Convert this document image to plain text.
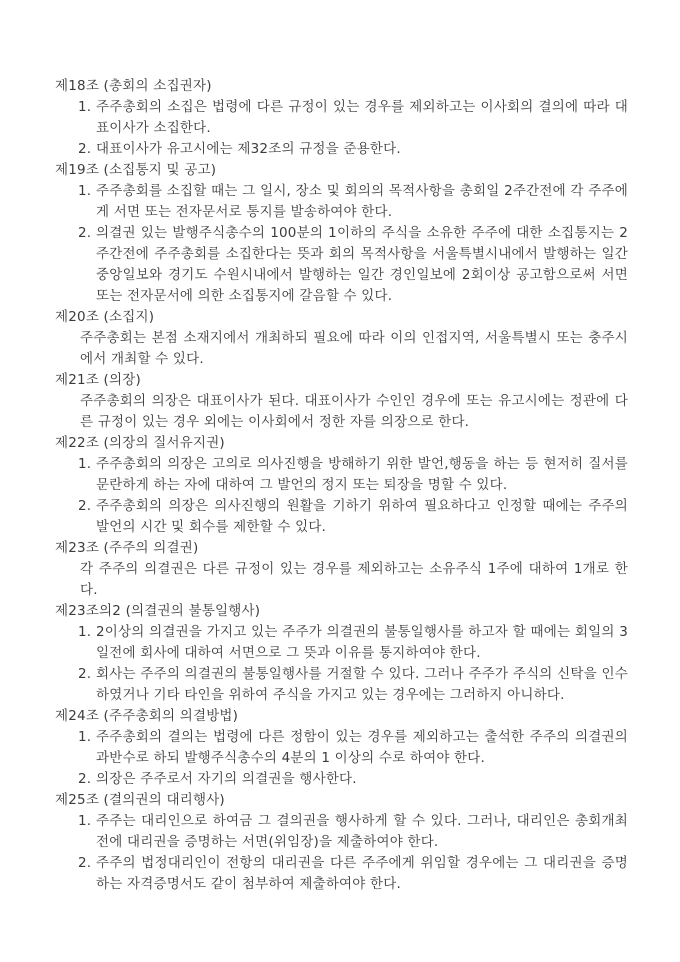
제18조 (총회의 소집권자)
1. 주주총회의 소집은 법령에 다른 규정이 있는 경우를 제외하고는 이사회의 결의에 따라 대표이사가 소집한다.
2. 대표이사가 유고시에는 제32조의 규정을 준용한다.
제19조 (소집통지 및 공고)
1. 주주총회를 소집할 때는 그 일시, 장소 및 회의의 목적사항을 총회일 2주간전에 각 주주에게 서면 또는 전자문서로 통지를 발송하여야 한다.
2. 의결권 있는 발행주식총수의 100분의 1이하의 주식을 소유한 주주에 대한 소집통지는 2주간전에 주주총회를 소집한다는 뜻과 회의 목적사항을 서울특별시내에서 발행하는 일간 중앙일보와 경기도 수원시내에서 발행하는 일간 경인일보에 2회이상 공고함으로써 서면 또는 전자문서에 의한 소집통지에 갈음할 수 있다.
제20조 (소집지)
주주총회는 본점 소재지에서 개최하되 필요에 따라 이의 인접지역, 서울특별시 또는 충주시에서 개최할 수 있다.
제21조 (의장)
주주총회의 의장은 대표이사가 된다. 대표이사가 수인인 경우에 또는 유고시에는 정관에 다른 규정이 있는 경우 외에는 이사회에서 정한 자를 의장으로 한다.
제22조 (의장의 질서유지권)
1. 주주총회의 의장은 고의로 의사진행을 방해하기 위한 발언,행동을 하는 등 현저히 질서를 문란하게 하는 자에 대하여 그 발언의 정지 또는 퇴장을 명할 수 있다.
2. 주주총회의 의장은 의사진행의 원활을 기하기 위하여 필요하다고 인정할 때에는 주주의 발언의 시간 및 회수를 제한할 수 있다.
제23조 (주주의 의결권)
각 주주의 의결권은 다른 규정이 있는 경우를 제외하고는 소유주식 1주에 대하여 1개로 한다.
제23조의2 (의결권의 불통일행사)
1. 2이상의 의결권을 가지고 있는 주주가 의결권의 불통일행사를 하고자 할 때에는 회일의 3일전에 회사에 대하여 서면으로 그 뜻과 이유를 통지하여야 한다.
2. 회사는 주주의 의결권의 불통일행사를 거절할 수 있다. 그러나 주주가 주식의 신탁을 인수하였거나 기타 타인을 위하여 주식을 가지고 있는 경우에는 그러하지 아니하다.
제24조 (주주총회의 의결방법)
1. 주주총회의 결의는 법령에 다른 정함이 있는 경우를 제외하고는 출석한 주주의 의결권의 과반수로 하되 발행주식총수의 4분의 1 이상의 수로 하여야 한다.
2. 의장은 주주로서 자기의 의결권을 행사한다.
제25조 (결의권의 대리행사)
1. 주주는 대리인으로 하여금 그 결의권을 행사하게 할 수 있다. 그러나, 대리인은 총회개최 전에 대리권을 증명하는 서면(위임장)을 제출하여야 한다.
2. 주주의 법정대리인이 전항의 대리권을 다른 주주에게 위임할 경우에는 그 대리권을 증명하는 자격증명서도 같이 첨부하여 제출하여야 한다.
